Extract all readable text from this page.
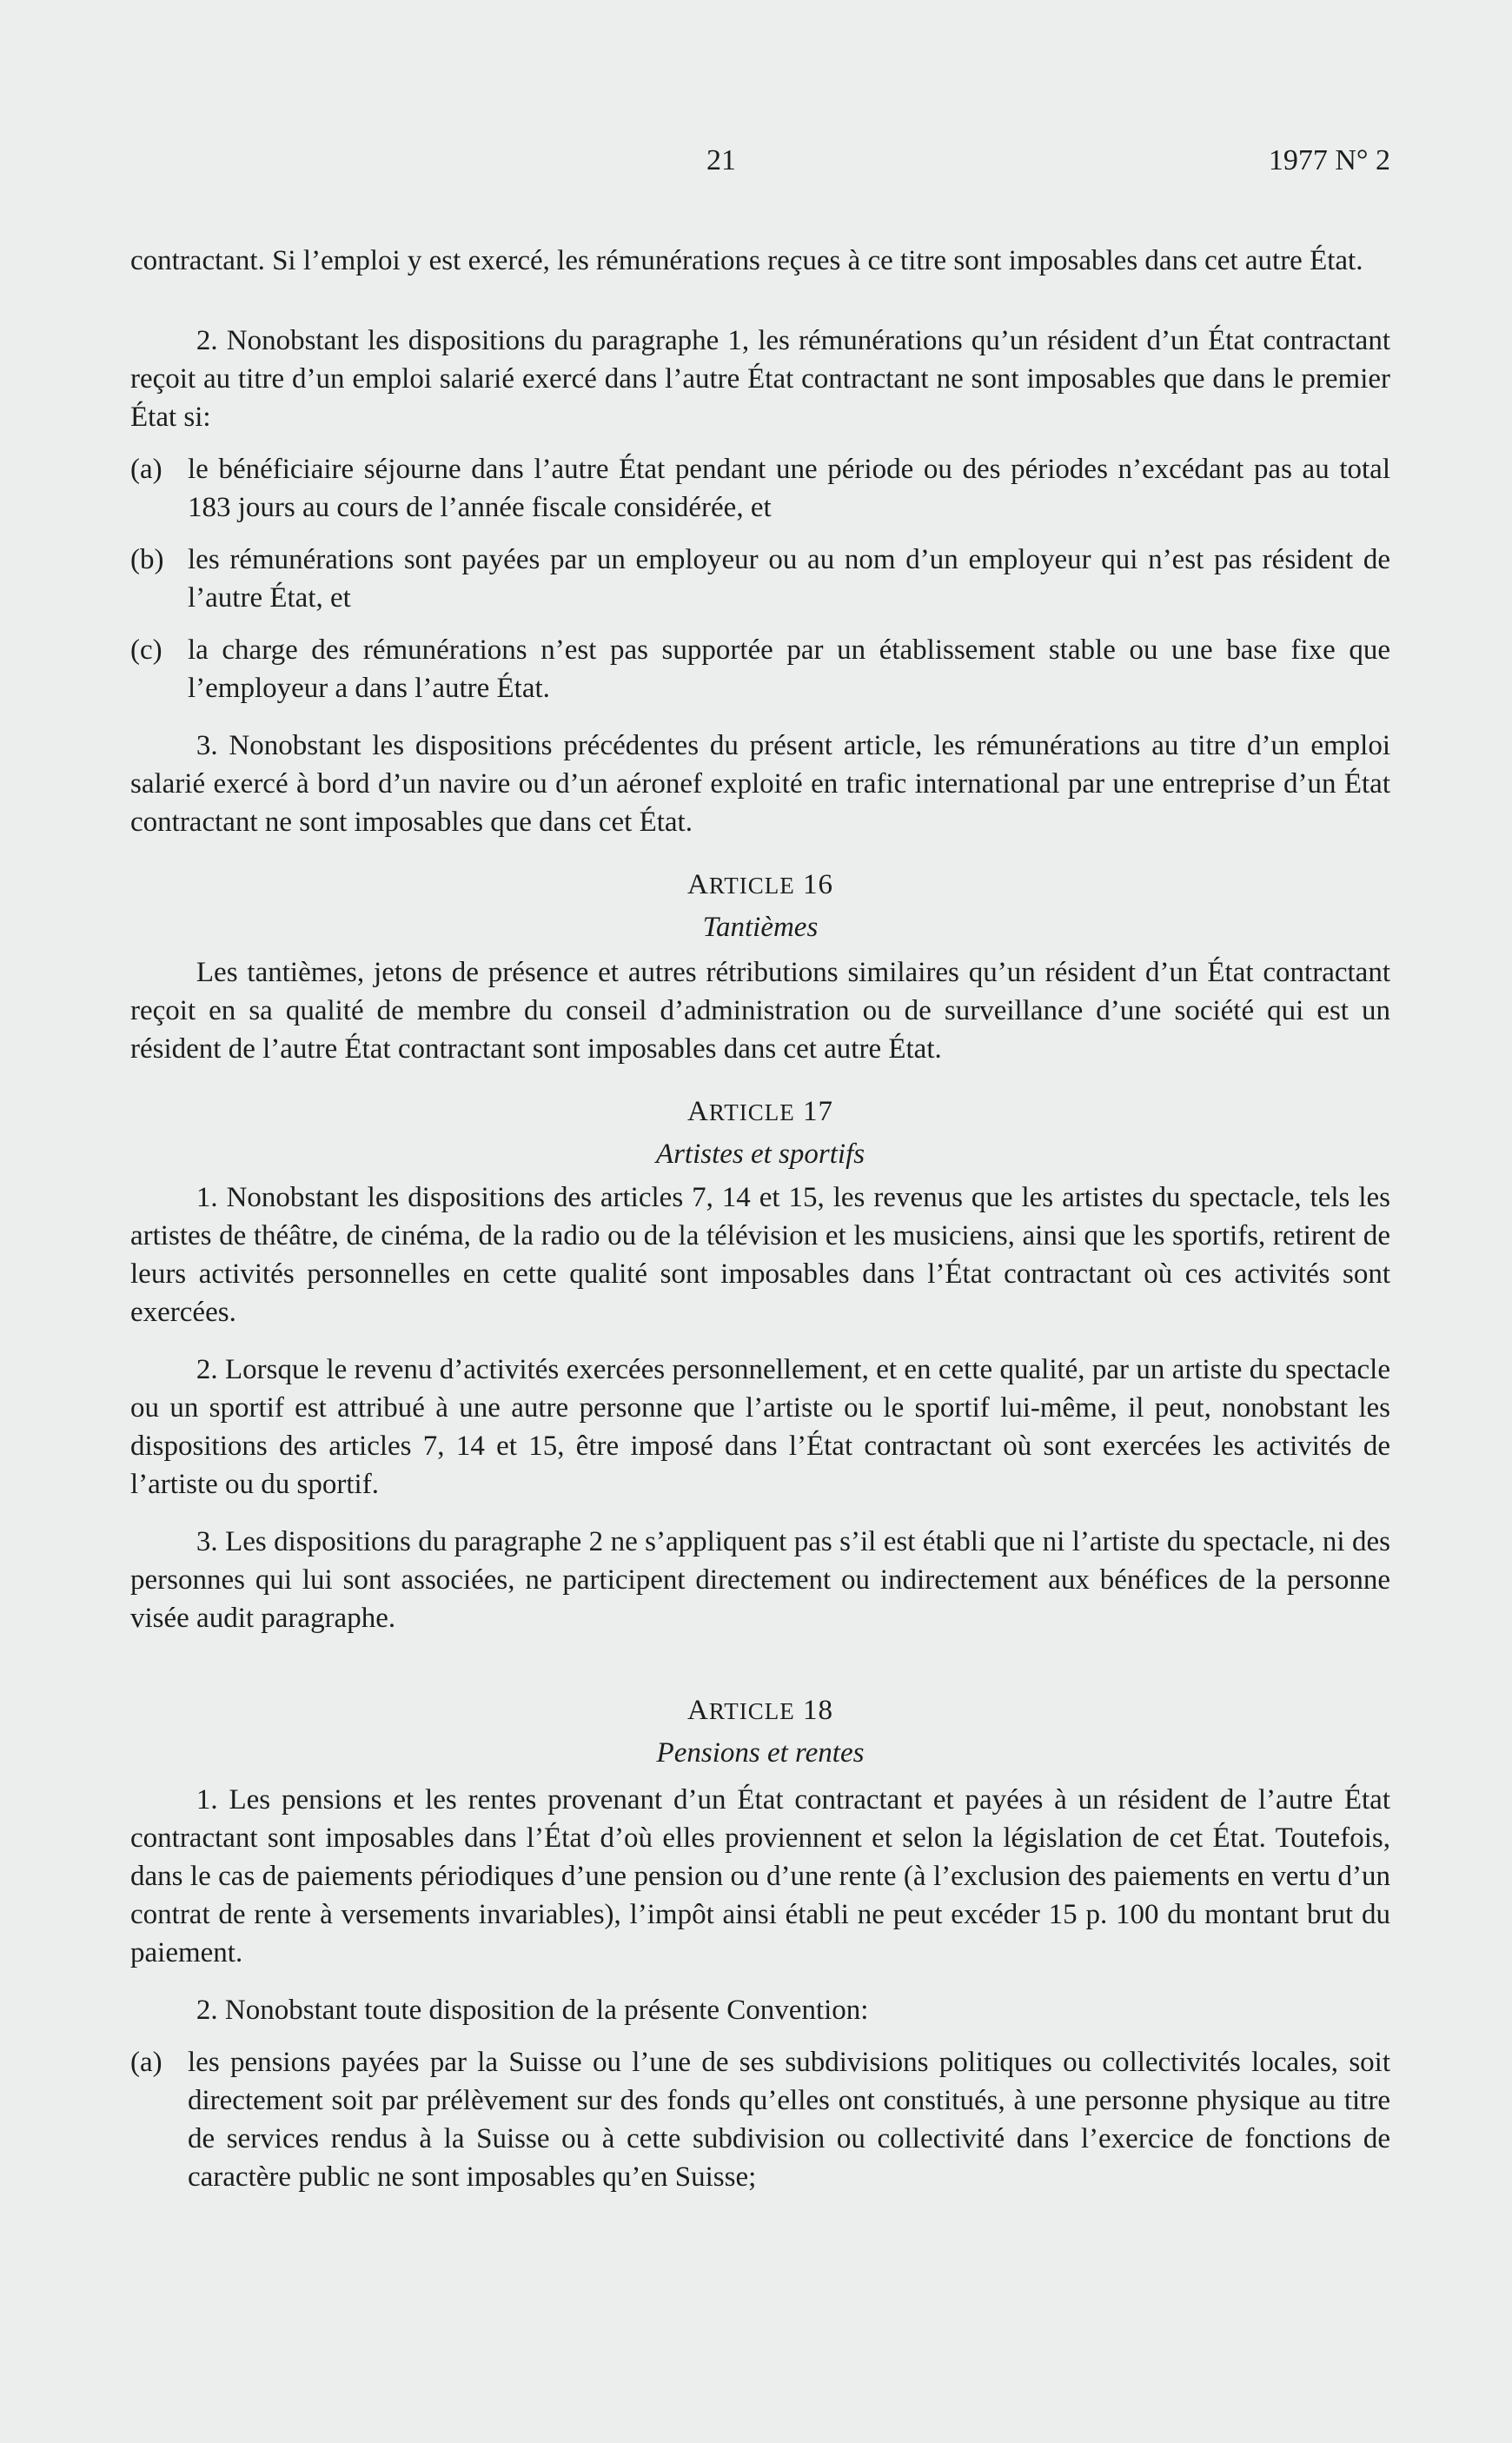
21	1977 N° 2

contractant. Si l’emploi y est exercé, les rémunérations reçues à ce titre sont imposables dans cet autre État.

2. Nonobstant les dispositions du paragraphe 1, les rémunérations qu’un résident d’un État contractant reçoit au titre d’un emploi salarié exercé dans l’autre État contractant ne sont imposables que dans le premier État si:

(a) le bénéficiaire séjourne dans l’autre État pendant une période ou des périodes n’excédant pas au total 183 jours au cours de l’année fiscale considérée, et

(b) les rémunérations sont payées par un employeur ou au nom d’un employeur qui n’est pas résident de l’autre État, et

(c) la charge des rémunérations n’est pas supportée par un établissement stable ou une base fixe que l’employeur a dans l’autre État.

3. Nonobstant les dispositions précédentes du présent article, les rémunérations au titre d’un emploi salarié exercé à bord d’un navire ou d’un aéronef exploité en trafic international par une entreprise d’un État contractant ne sont imposables que dans cet État.

ARTICLE 16
Tantièmes

Les tantièmes, jetons de présence et autres rétributions similaires qu’un résident d’un État contractant reçoit en sa qualité de membre du conseil d’administration ou de surveillance d’une société qui est un résident de l’autre État contractant sont imposables dans cet autre État.

ARTICLE 17
Artistes et sportifs

1. Nonobstant les dispositions des articles 7, 14 et 15, les revenus que les artistes du spectacle, tels les artistes de théâtre, de cinéma, de la radio ou de la télévision et les musiciens, ainsi que les sportifs, retirent de leurs activités personnelles en cette qualité sont imposables dans l’État contractant où ces activités sont exercées.

2. Lorsque le revenu d’activités exercées personnellement, et en cette qualité, par un artiste du spectacle ou un sportif est attribué à une autre personne que l’artiste ou le sportif lui-même, il peut, nonobstant les dispositions des articles 7, 14 et 15, être imposé dans l’État contractant où sont exercées les activités de l’artiste ou du sportif.

3. Les dispositions du paragraphe 2 ne s’appliquent pas s’il est établi que ni l’artiste du spectacle, ni des personnes qui lui sont associées, ne participent directement ou indirectement aux bénéfices de la personne visée audit paragraphe.

ARTICLE 18
Pensions et rentes

1. Les pensions et les rentes provenant d’un État contractant et payées à un résident de l’autre État contractant sont imposables dans l’État d’où elles proviennent et selon la législation de cet État. Toutefois, dans le cas de paiements périodiques d’une pension ou d’une rente (à l’exclusion des paiements en vertu d’un contrat de rente à versements invariables), l’impôt ainsi établi ne peut excéder 15 p. 100 du montant brut du paiement.

2. Nonobstant toute disposition de la présente Convention:

(a) les pensions payées par la Suisse ou l’une de ses subdivisions politiques ou collectivités locales, soit directement soit par prélèvement sur des fonds qu’elles ont constitués, à une personne physique au titre de services rendus à la Suisse ou à cette subdivision ou collectivité dans l’exercice de fonctions de caractère public ne sont imposables qu’en Suisse;
